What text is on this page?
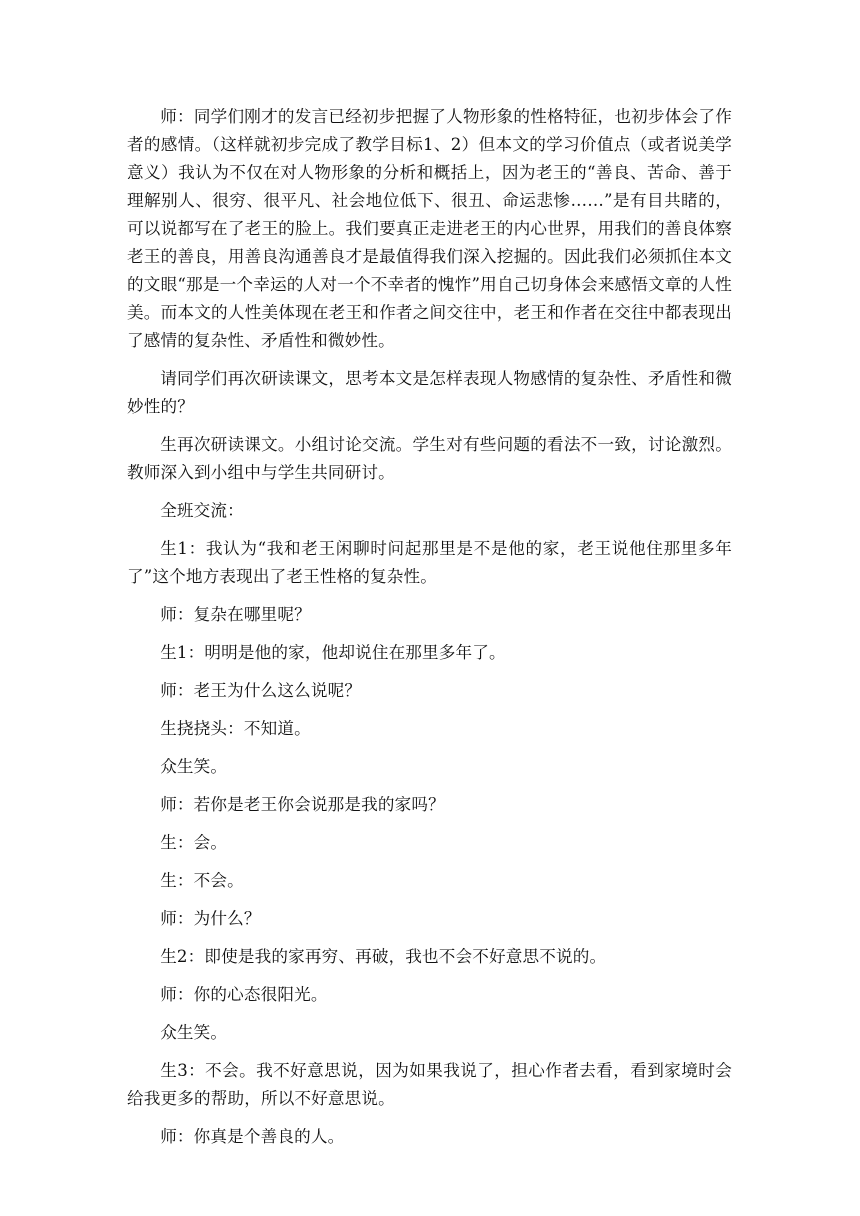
师：同学们刚才的发言已经初步把握了人物形象的性格特征，也初步体会了作者的感情。（这样就初步完成了教学目标1、2）但本文的学习价值点（或者说美学意义）我认为不仅在对人物形象的分析和概括上，因为老王的“善良、苦命、善于理解别人、很穷、很平凡、社会地位低下、很丑、命运悲惨……”是有目共睹的，可以说都写在了老王的脸上。我们要真正走进老王的内心世界，用我们的善良体察老王的善良，用善良沟通善良才是最值得我们深入挖掘的。因此我们必须抓住本文的文眼“那是一个幸运的人对一个不幸者的愧怍”用自己切身体会来感悟文章的人性美。而本文的人性美体现在老王和作者之间交往中，老王和作者在交往中都表现出了感情的复杂性、矛盾性和微妙性。

请同学们再次研读课文，思考本文是怎样表现人物感情的复杂性、矛盾性和微妙性的？

生再次研读课文。小组讨论交流。学生对有些问题的看法不一致，讨论激烈。教师深入到小组中与学生共同研讨。

全班交流：

生1：我认为“我和老王闲聊时问起那里是不是他的家，老王说他住那里多年了”这个地方表现出了老王性格的复杂性。

师：复杂在哪里呢？

生1：明明是他的家，他却说住在那里多年了。

师：老王为什么这么说呢？

生挠挠头：不知道。

众生笑。

师：若你是老王你会说那是我的家吗？

生：会。

生：不会。

师：为什么？

生2：即使是我的家再穷、再破，我也不会不好意思不说的。

师：你的心态很阳光。

众生笑。

生3：不会。我不好意思说，因为如果我说了，担心作者去看，看到家境时会给我更多的帮助，所以不好意思说。

师：你真是个善良的人。
